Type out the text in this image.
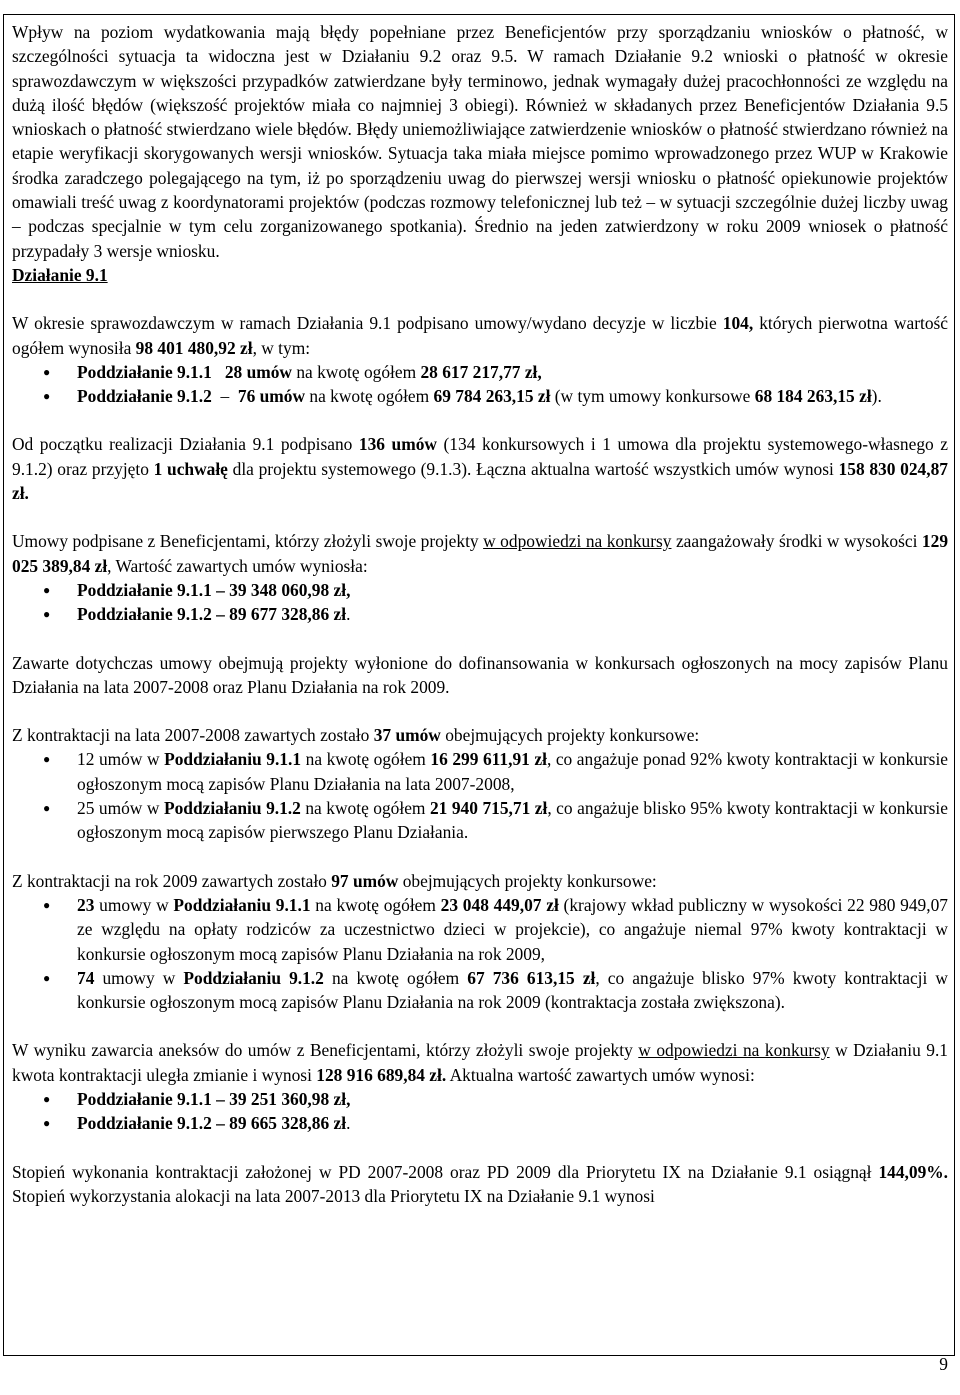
Wpływ na poziom wydatkowania mają błędy popełniane przez Beneficjentów przy sporządzaniu wniosków o płatność, w szczególności sytuacja ta widoczna jest w Działaniu 9.2 oraz 9.5. W ramach Działanie 9.2 wnioski o płatność w okresie sprawozdawczym w większości przypadków zatwierdzane były terminowo, jednak wymagały dużej pracochłonności ze względu na dużą ilość błędów (większość projektów miała co najmniej 3 obiegi). Również w składanych przez Beneficjentów Działania 9.5 wnioskach o płatność stwierdzano wiele błędów. Błędy uniemożliwiające zatwierdzenie wniosków o płatność stwierdzano również na etapie weryfikacji skorygowanych wersji wniosków. Sytuacja taka miała miejsce pomimo wprowadzonego przez WUP w Krakowie środka zaradczego polegającego na tym, iż po sporządzeniu uwag do pierwszej wersji wniosku o płatność opiekunowie projektów omawiali treść uwag z koordynatorami projektów (podczas rozmowy telefonicznej lub też – w sytuacji szczególnie dużej liczby uwag – podczas specjalnie w tym celu zorganizowanego spotkania). Średnio na jeden zatwierdzony w roku 2009 wniosek o płatność przypadały 3 wersje wniosku.

Działanie 9.1

W okresie sprawozdawczym w ramach Działania 9.1 podpisano umowy/wydano decyzje w liczbie 104, których pierwotna wartość ogółem wynosiła 98 401 480,92 zł, w tym:

● Poddziałanie 9.1.1 28 umów na kwotę ogółem 28 617 217,77 zł,
● Poddziałanie 9.1.2  –  76 umów na kwotę ogółem 69 784 263,15 zł (w tym umowy konkursowe 68 184 263,15 zł).

Od początku realizacji Działania 9.1 podpisano 136 umów (134 konkursowych i 1 umowa dla projektu systemowego-własnego z 9.1.2) oraz przyjęto 1 uchwałę dla projektu systemowego (9.1.3). Łączna aktualna wartość wszystkich umów wynosi 158 830 024,87 zł.

Umowy podpisane z Beneficjentami, którzy złożyli swoje projekty w odpowiedzi na konkursy zaangażowały środki w wysokości 129 025 389,84 zł, Wartość zawartych umów wyniosła:

● Poddziałanie 9.1.1 – 39 348 060,98 zł,
● Poddziałanie 9.1.2 – 89 677 328,86 zł.

Zawarte dotychczas umowy obejmują projekty wyłonione do dofinansowania w konkursach ogłoszonych na mocy zapisów Planu Działania na lata 2007-2008 oraz Planu Działania na rok 2009.

Z kontraktacji na lata 2007-2008 zawartych zostało 37 umów obejmujących projekty konkursowe:

● 12 umów w Poddziałaniu 9.1.1 na kwotę ogółem 16 299 611,91 zł, co angażuje ponad 92% kwoty kontraktacji w konkursie ogłoszonym mocą zapisów Planu Działania na lata 2007-2008,
● 25 umów w Poddziałaniu 9.1.2 na kwotę ogółem 21 940 715,71 zł, co angażuje blisko 95% kwoty kontraktacji w konkursie ogłoszonym mocą zapisów pierwszego Planu Działania.

Z kontraktacji na rok 2009 zawartych zostało 97 umów obejmujących projekty konkursowe:

● 23 umowy w Poddziałaniu 9.1.1 na kwotę ogółem 23 048 449,07 zł (krajowy wkład publiczny w wysokości 22 980 949,07 ze względu na opłaty rodziców za uczestnictwo dzieci w projekcie), co angażuje niemal 97% kwoty kontraktacji w konkursie ogłoszonym mocą zapisów Planu Działania na rok 2009,
● 74 umowy w Poddziałaniu 9.1.2 na kwotę ogółem 67 736 613,15 zł, co angażuje blisko 97% kwoty kontraktacji w konkursie ogłoszonym mocą zapisów Planu Działania na rok 2009 (kontraktacja została zwiększona).

W wyniku zawarcia aneksów do umów z Beneficjentami, którzy złożyli swoje projekty w odpowiedzi na konkursy w Działaniu 9.1 kwota kontraktacji uległa zmianie i wynosi 128 916 689,84 zł. Aktualna wartość zawartych umów wynosi:

● Poddziałanie 9.1.1 – 39 251 360,98 zł,
● Poddziałanie 9.1.2 – 89 665 328,86 zł.

Stopień wykonania kontraktacji założonej w PD 2007-2008 oraz PD 2009 dla Priorytetu IX na Działanie 9.1 osiągnął 144,09%. Stopień wykorzystania alokacji na lata 2007-2013 dla Priorytetu IX na Działanie 9.1 wynosi

9
